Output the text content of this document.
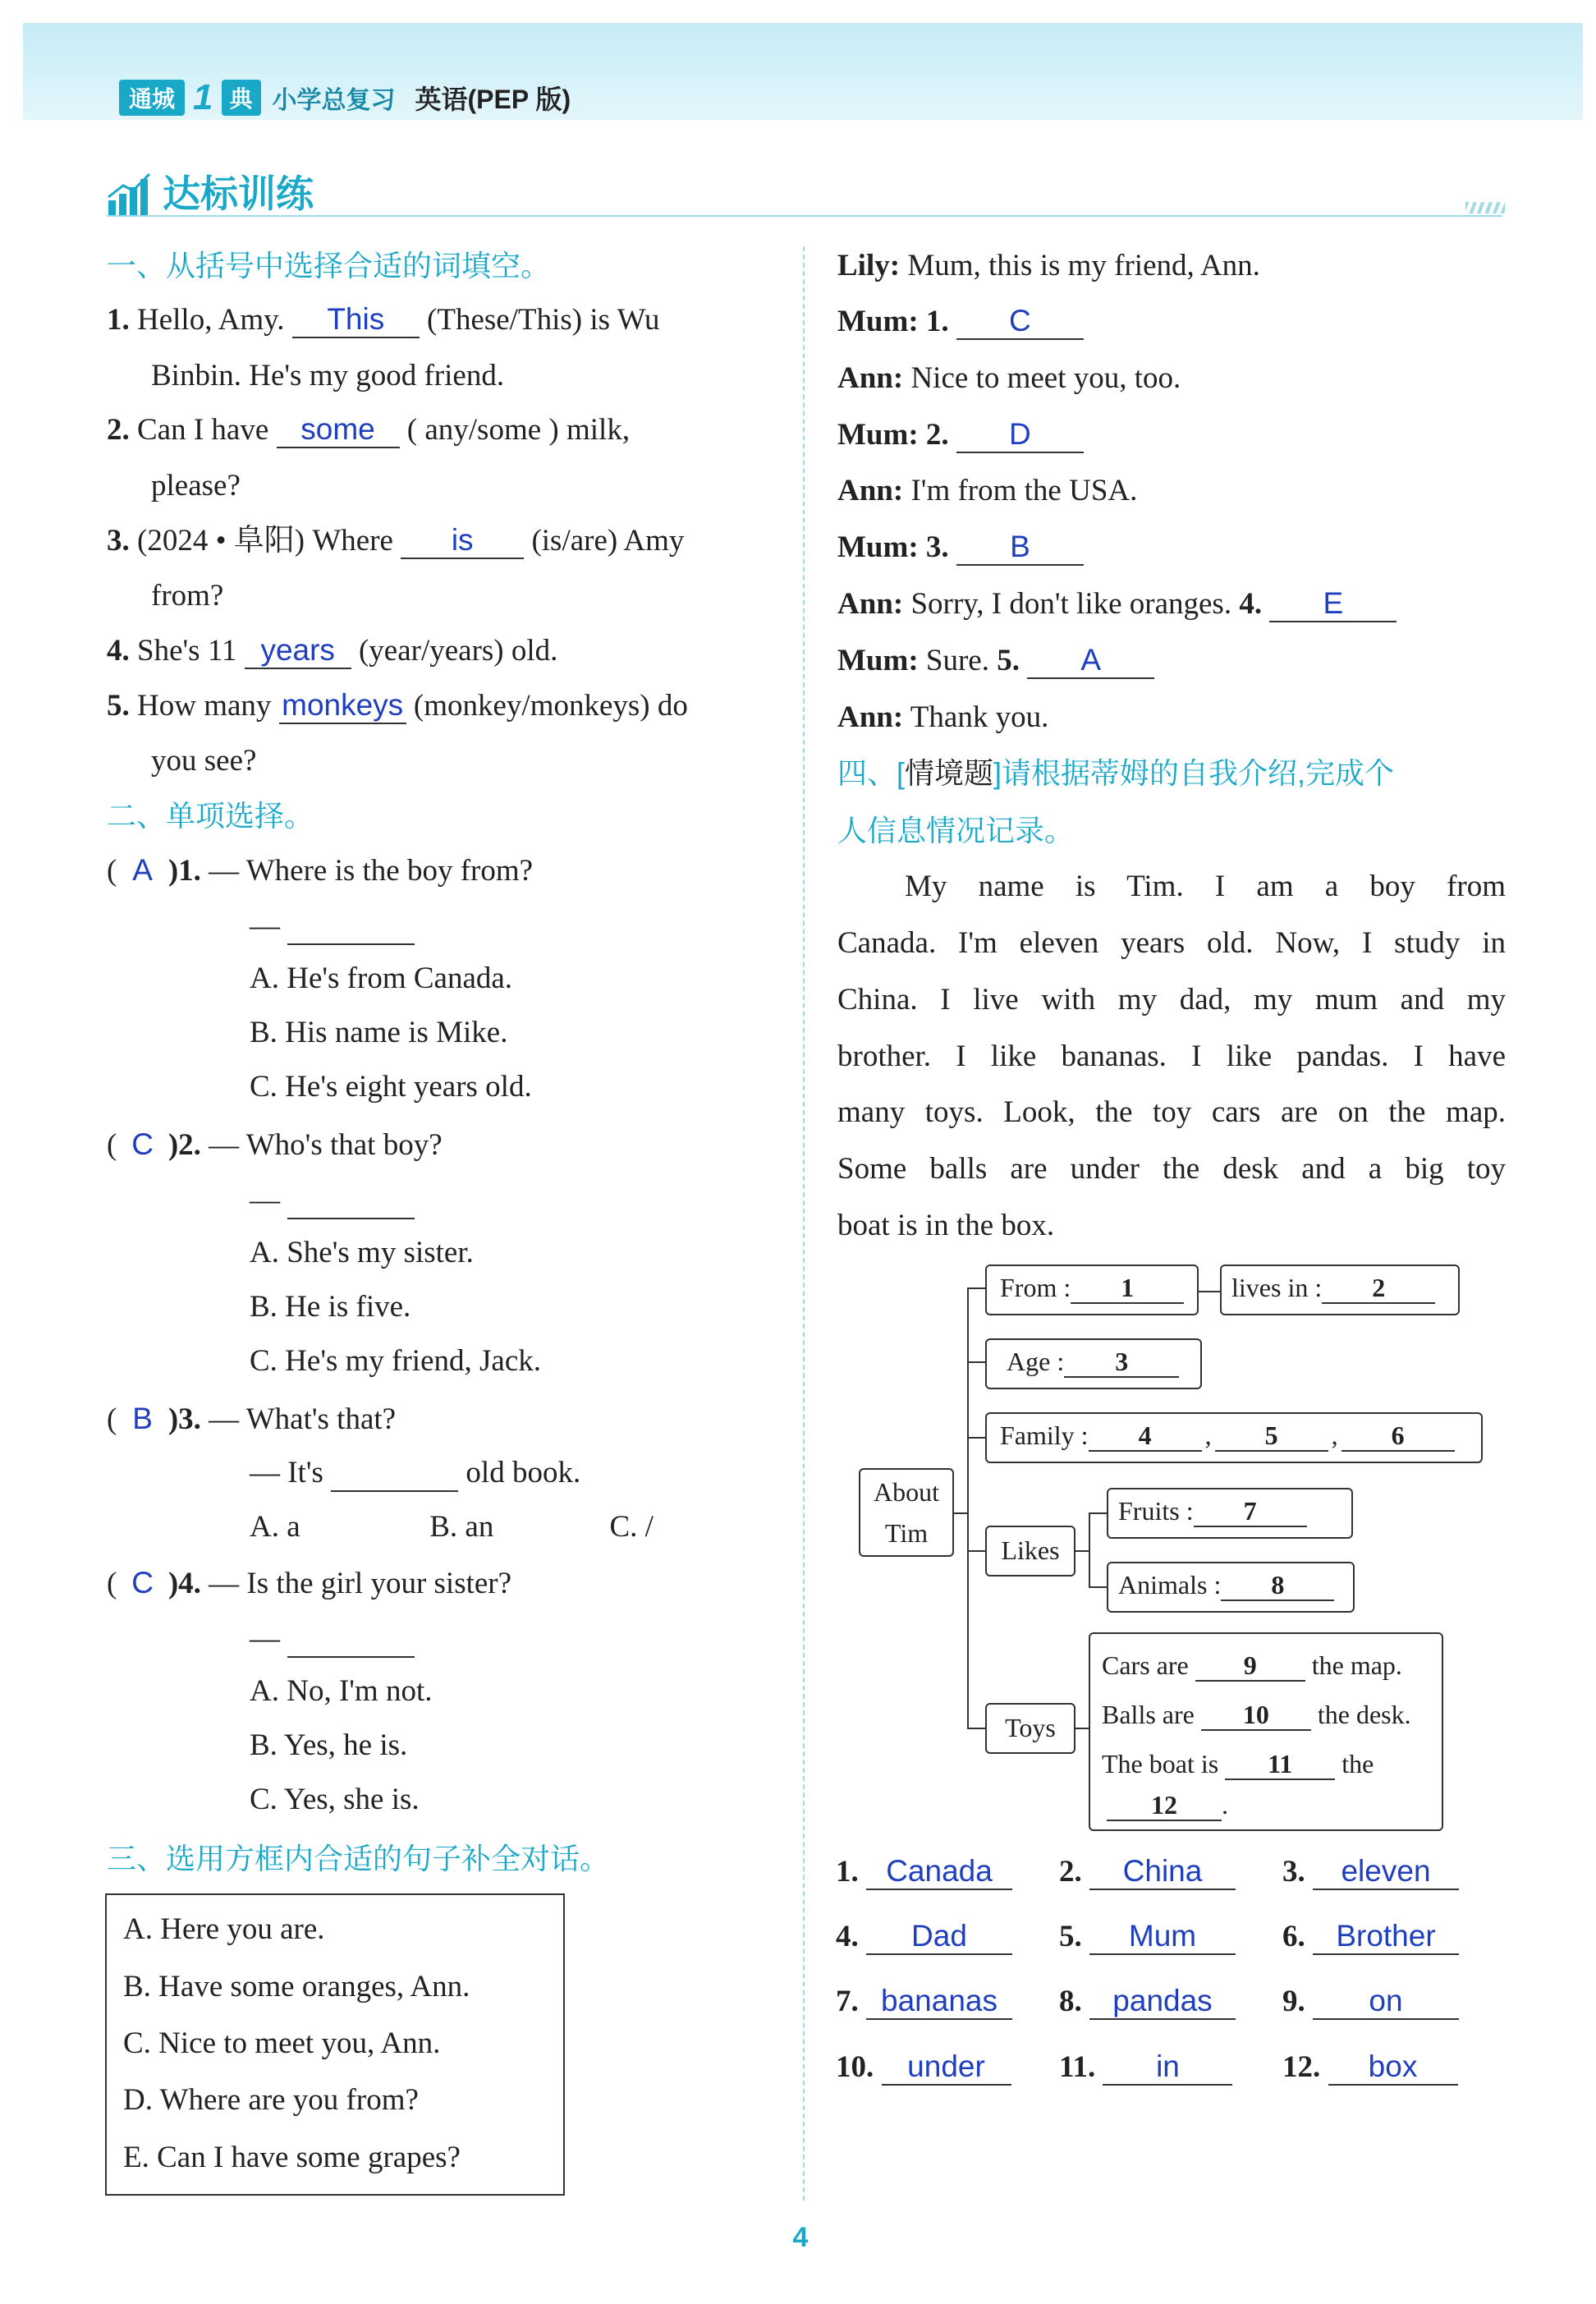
通城 1 典 小学总复习 英语(PEP 版)
达标训练
一、从括号中选择合适的词填空。
1. Hello, Amy. This (These/This) is Wu
Binbin. He's my good friend.
2. Can I have some ( any/some ) milk,
please?
3. (2024 • 阜阳) Where is (is/are) Amy
from?
4. She's 11 years (year/years) old.
5. How many monkeys (monkey/monkeys) do
you see?
二、单项选择。
( A )1. — Where is the boy from?
—
A. He's from Canada.
B. His name is Mike.
C. He's eight years old.
( C )2. — Who's that boy?
—
A. She's my sister.
B. He is five.
C. He's my friend, Jack.
( B )3. — What's that?
— It's	old book.
A. a	B. an	C. /
( C )4. — Is the girl your sister?
—
A. No, I'm not.
B. Yes, he is.
C. Yes, she is.
三、选用方框内合适的句子补全对话。
A. Here you are.
B. Have some oranges, Ann.
C. Nice to meet you, Ann.
D. Where are you from?
E. Can I have some grapes?
Lily: Mum, this is my friend, Ann.
Mum: 1. C
Ann: Nice to meet you, too.
Mum: 2. D
Ann: I'm from the USA.
Mum: 3. B
Ann: Sorry, I don't like oranges. 4. E
Mum: Sure. 5. A
Ann: Thank you.
四、[情境题]请根据蒂姆的自我介绍,完成个
人信息情况记录。
My name is Tim. I am a boy from
Canada. I'm eleven years old. Now, I study in
China. I live with my dad, my mum and my
brother. I like bananas. I like pandas. I have
many toys. Look, the toy cars are on the map.
Some balls are under the desk and a big toy
boat is in the box.
About
Tim
From : 1	lives in : 2
Age : 3
Family : 4 , 5 , 6
Likes
Fruits : 7
Animals : 8
Toys
Cars are 9 the map.
Balls are 10 the desk.
The boat is 11 the
12 .
1. Canada	2. China	3. eleven
4. Dad	5. Mum	6. Brother
7. bananas	8. pandas	9. on
10. under	11. in	12. box
4
